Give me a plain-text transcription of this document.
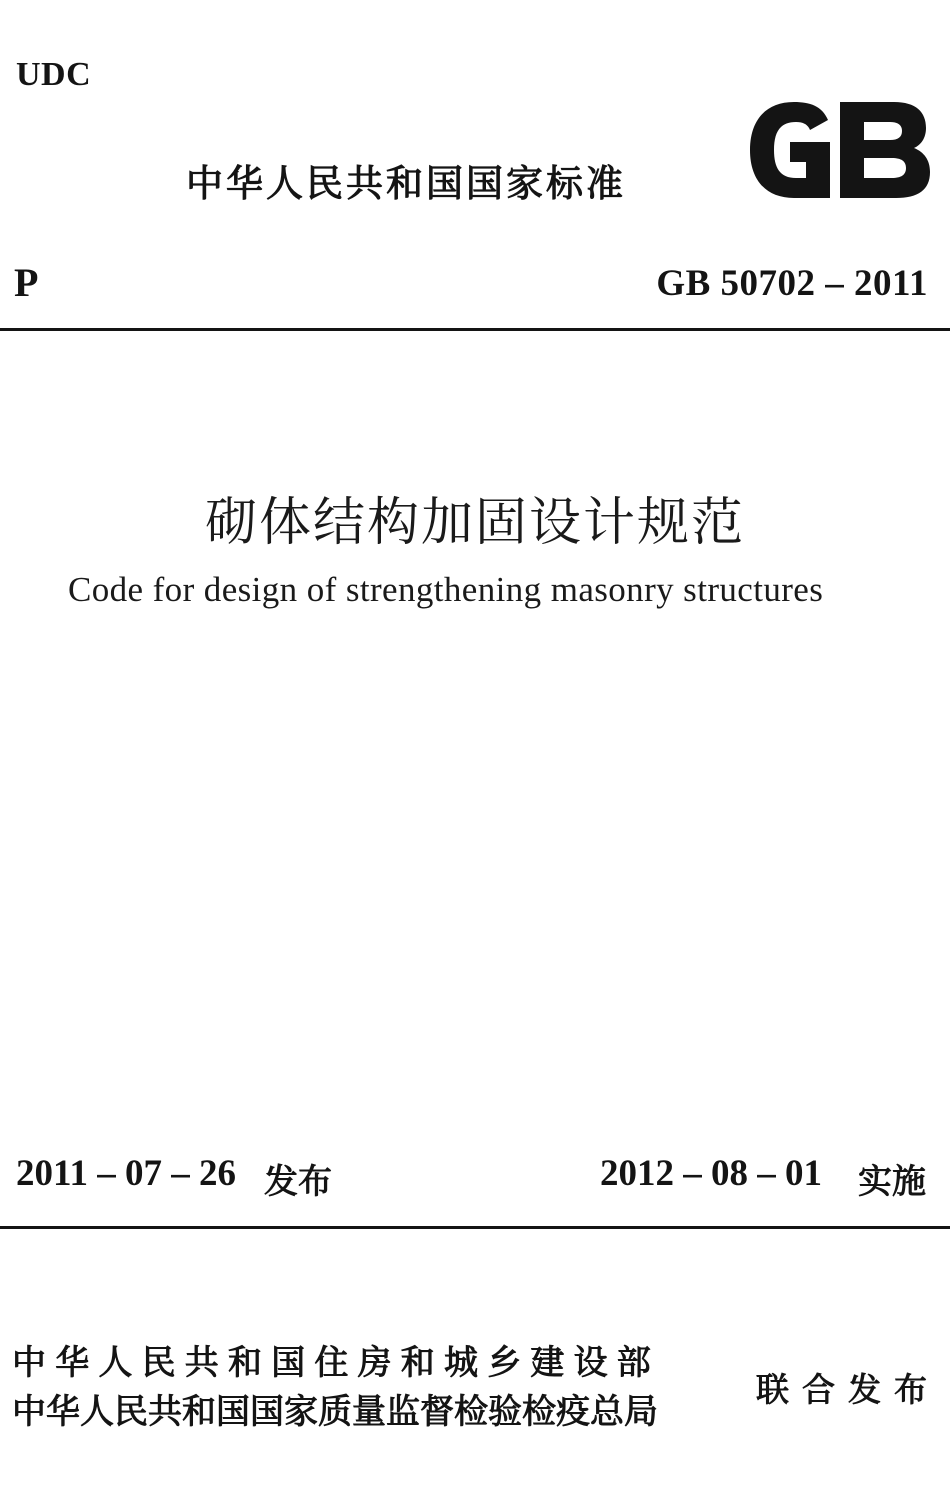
UDC
中华人民共和国国家标准
P	GB 50702 – 2011
砌体结构加固设计规范
Code for design of strengthening masonry structures
2011 – 07 – 26 发布	2012 – 08 – 01 实施
中华人民共和国住房和城乡建设部
中华人民共和国国家质量监督检验检疫总局
联合发布
